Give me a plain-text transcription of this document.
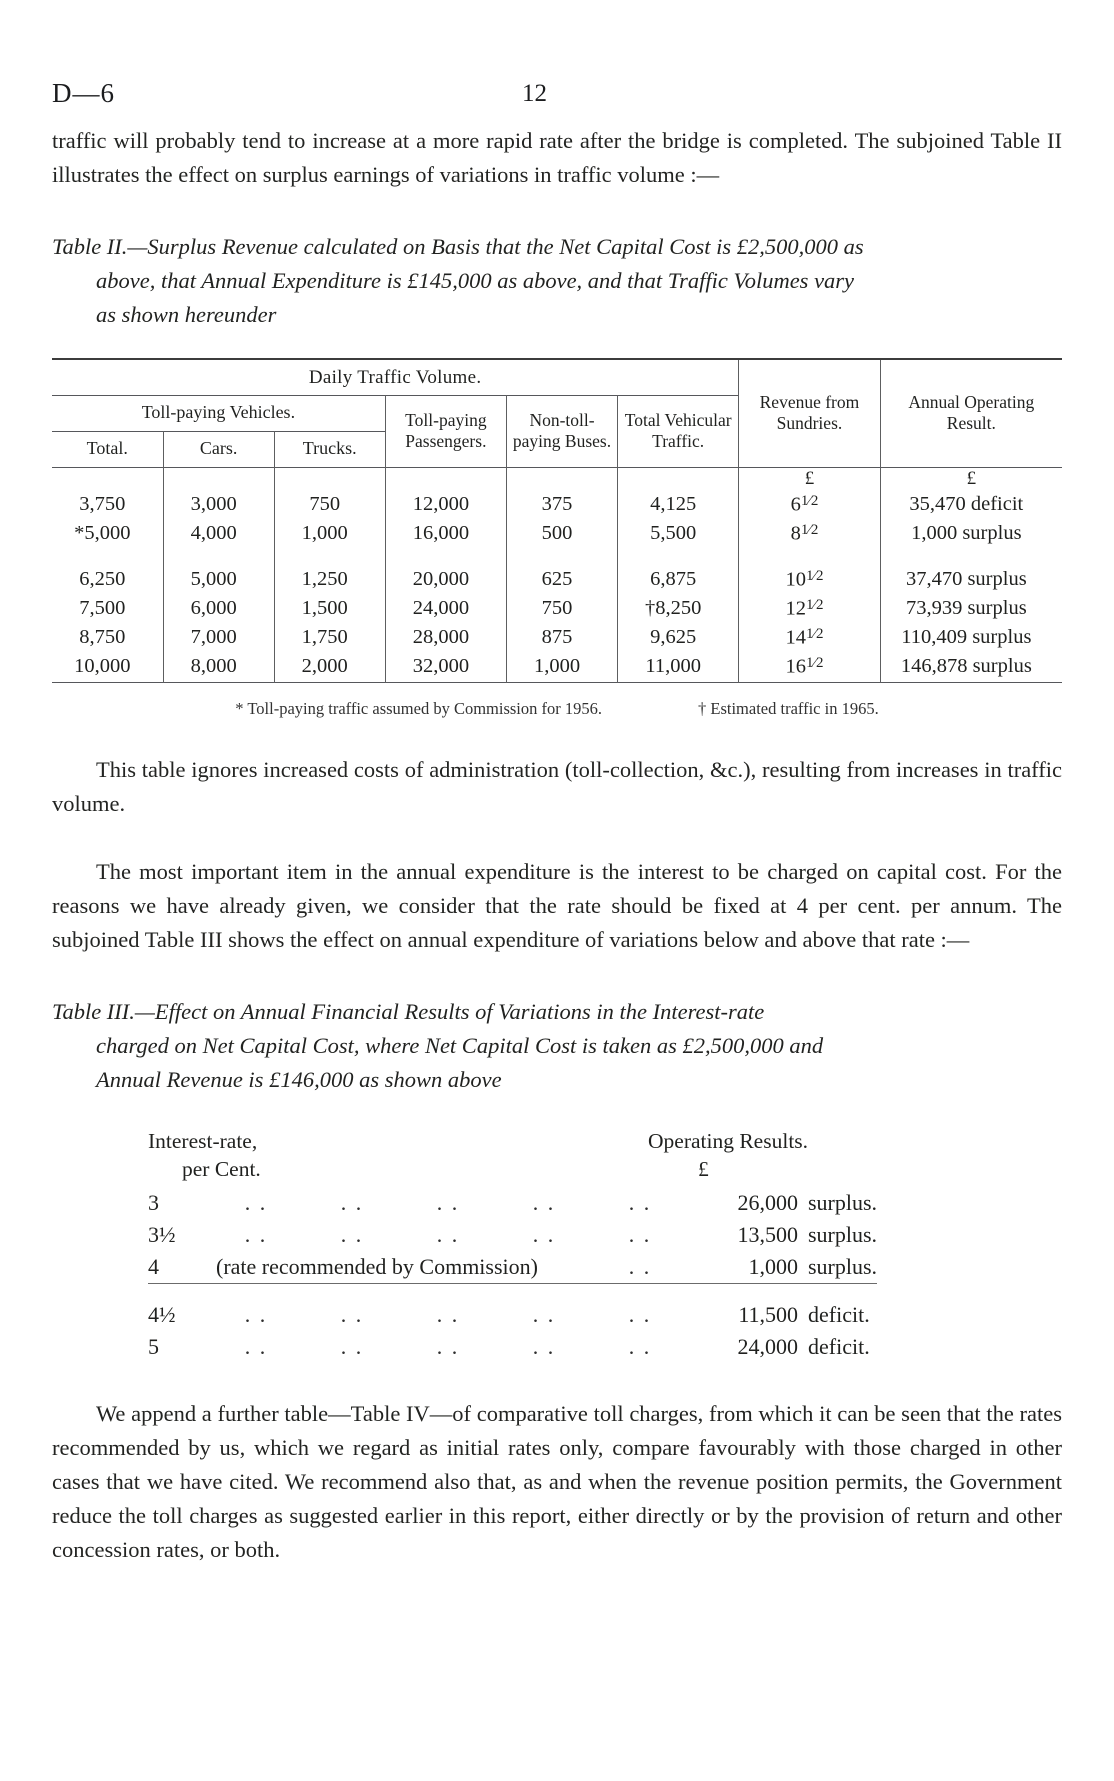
D—6	12

traffic will probably tend to increase at a more rapid rate after the bridge is completed. The subjoined Table II illustrates the effect on surplus earnings of variations in traffic volume :—

Table II.—Surplus Revenue calculated on Basis that the Net Capital Cost is £2,500,000 as
above, that Annual Expenditure is £145,000 as above, and that Traffic Volumes vary
as shown hereunder
Daily Traffic Volume.						Revenue from Sundries.	Annual Operating Result.
Toll-paying Vehicles.			Toll-paying Passengers.	Non-toll-paying Buses.	Total Vehicular Traffic.		
Total.	Cars.	Trucks.					
						£	£
3,750	3,000	750	12,000	375	4,125	$6^{1⁄2}$	35,470 deficit
*5,000	4,000	1,000	16,000	500	5,500	$8^{1⁄2}$	1,000 surplus

6,250	5,000	1,250	20,000	625	6,875	$10^{1⁄2}$	37,470 surplus
7,500	6,000	1,500	24,000	750	†8,250	$12^{1⁄2}$	73,939 surplus
8,750	7,000	1,750	28,000	875	9,625	$14^{1⁄2}$	110,409 surplus
10,000	8,000	2,000	32,000	1,000	11,000	$16^{1⁄2}$	146,878 surplus

* Toll-paying traffic assumed by Commission for 1956.	† Estimated traffic in 1965.

This table ignores increased costs of administration (toll-collection, &c.), resulting from increases in traffic volume.

The most important item in the annual expenditure is the interest to be charged on capital cost. For the reasons we have already given, we consider that the rate should be fixed at 4 per cent. per annum. The subjoined Table III shows the effect on annual expenditure of variations below and above that rate :—

Table III.—Effect on Annual Financial Results of Variations in the Interest-rate
charged on Net Capital Cost, where Net Capital Cost is taken as £2,500,000 and
Annual Revenue is £146,000 as shown above
Interest-rate,
per Cent.
Operating Results.
£
3	. .	. .	. .	. .	. .	26,000	surplus.
3½	. .	. .	. .	. .	. .	13,500	surplus.
4	(rate recommended by Commission)				. .	1,000	surplus.

4½	. .	. .	. .	. .	. .	11,500	deficit.
5	. .	. .	. .	. .	. .	24,000	deficit.

We append a further table—Table IV—of comparative toll charges, from which it can be seen that the rates recommended by us, which we regard as initial rates only, compare favourably with those charged in other cases that we have cited. We recommend also that, as and when the revenue position permits, the Government reduce the toll charges as suggested earlier in this report, either directly or by the provision of return and other concession rates, or both.
